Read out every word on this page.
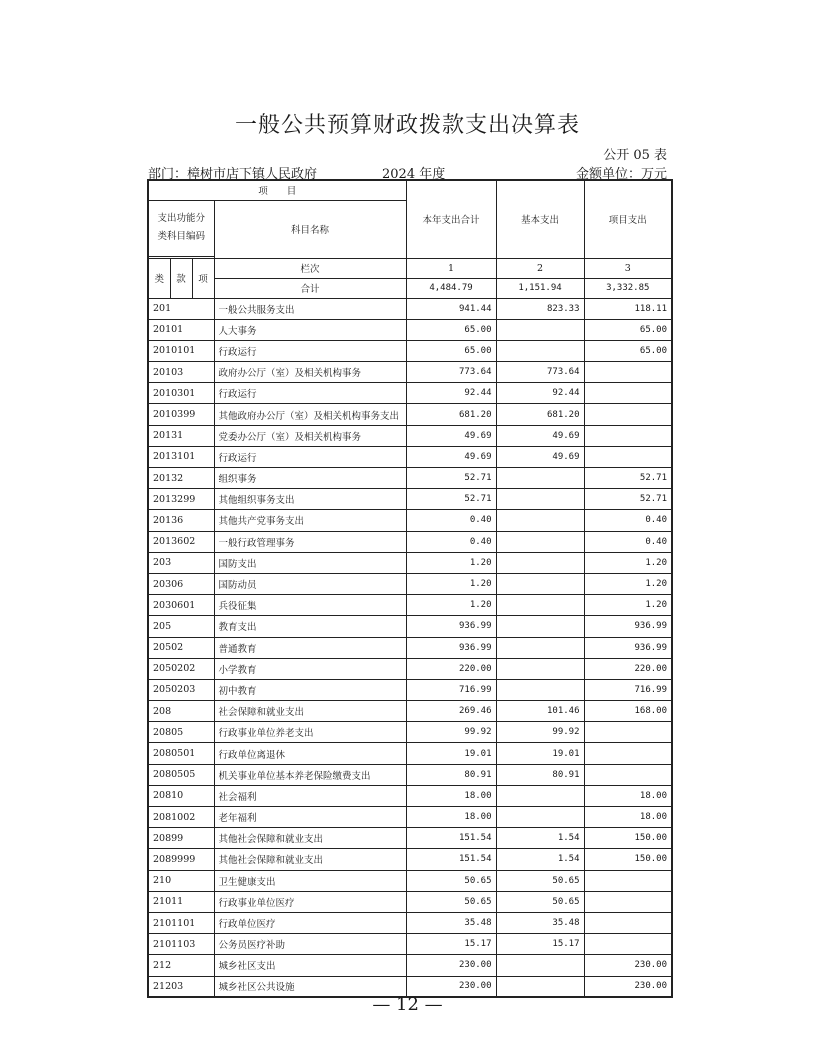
一般公共预算财政拨款支出决算表
公开 05 表
部门：樟树市店下镇人民政府	2024 年度	金额单位：万元
项　　目				本年支出合计	基本支出	项目支出
支出功能分类科目编码			科目名称			

类	款	项	栏次	1	2	3
			合计	4,484.79	1,151.94	3,332.85
201			一般公共服务支出	941.44	823.33	118.11
20101			人大事务	65.00		65.00
2010101			行政运行	65.00		65.00
20103			政府办公厅（室）及相关机构事务	773.64	773.64	
2010301			行政运行	92.44	92.44	
2010399			其他政府办公厅（室）及相关机构事务支出	681.20	681.20	
20131			党委办公厅（室）及相关机构事务	49.69	49.69	
2013101			行政运行	49.69	49.69	
20132			组织事务	52.71		52.71
2013299			其他组织事务支出	52.71		52.71
20136			其他共产党事务支出	0.40		0.40
2013602			一般行政管理事务	0.40		0.40
203			国防支出	1.20		1.20
20306			国防动员	1.20		1.20
2030601			兵役征集	1.20		1.20
205			教育支出	936.99		936.99
20502			普通教育	936.99		936.99
2050202			小学教育	220.00		220.00
2050203			初中教育	716.99		716.99
208			社会保障和就业支出	269.46	101.46	168.00
20805			行政事业单位养老支出	99.92	99.92	
2080501			行政单位离退休	19.01	19.01	
2080505			机关事业单位基本养老保险缴费支出	80.91	80.91	
20810			社会福利	18.00		18.00
2081002			老年福利	18.00		18.00
20899			其他社会保障和就业支出	151.54	1.54	150.00
2089999			其他社会保障和就业支出	151.54	1.54	150.00
210			卫生健康支出	50.65	50.65	
21011			行政事业单位医疗	50.65	50.65	
2101101			行政单位医疗	35.48	35.48	
2101103			公务员医疗补助	15.17	15.17	
212			城乡社区支出	230.00		230.00
21203			城乡社区公共设施	230.00		230.00
— 12 —
